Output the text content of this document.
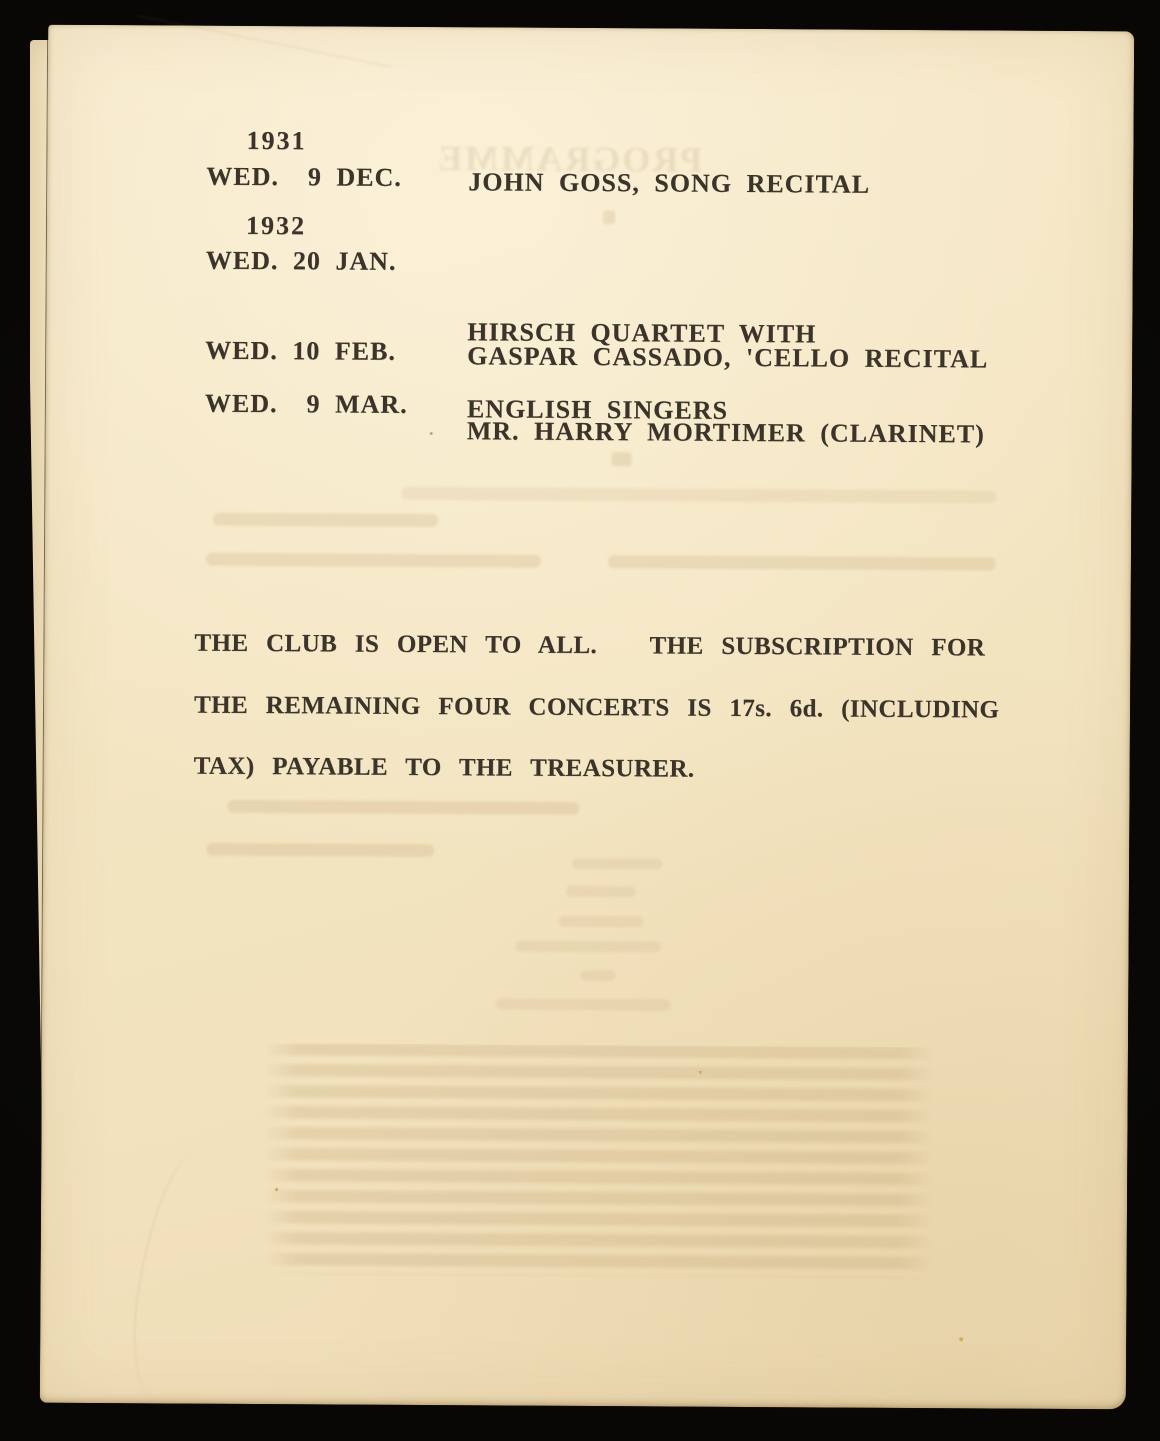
PROGRAMME
1931
WED.  9 DEC.	JOHN GOSS, SONG RECITAL
1932
WED. 20 JAN.

HIRSCH QUARTET WITH

MR. HARRY MORTIMER (CLARINET)

WED. 10 FEB.	GASPAR CASSADO, 'CELLO RECITAL
WED.  9 MAR. ENGLISH SINGERS
THE CLUB IS OPEN TO ALL.   THE SUBSCRIPTION FOR
THE REMAINING FOUR CONCERTS IS 17s. 6d. (INCLUDING
TAX) PAYABLE TO THE TREASURER.
